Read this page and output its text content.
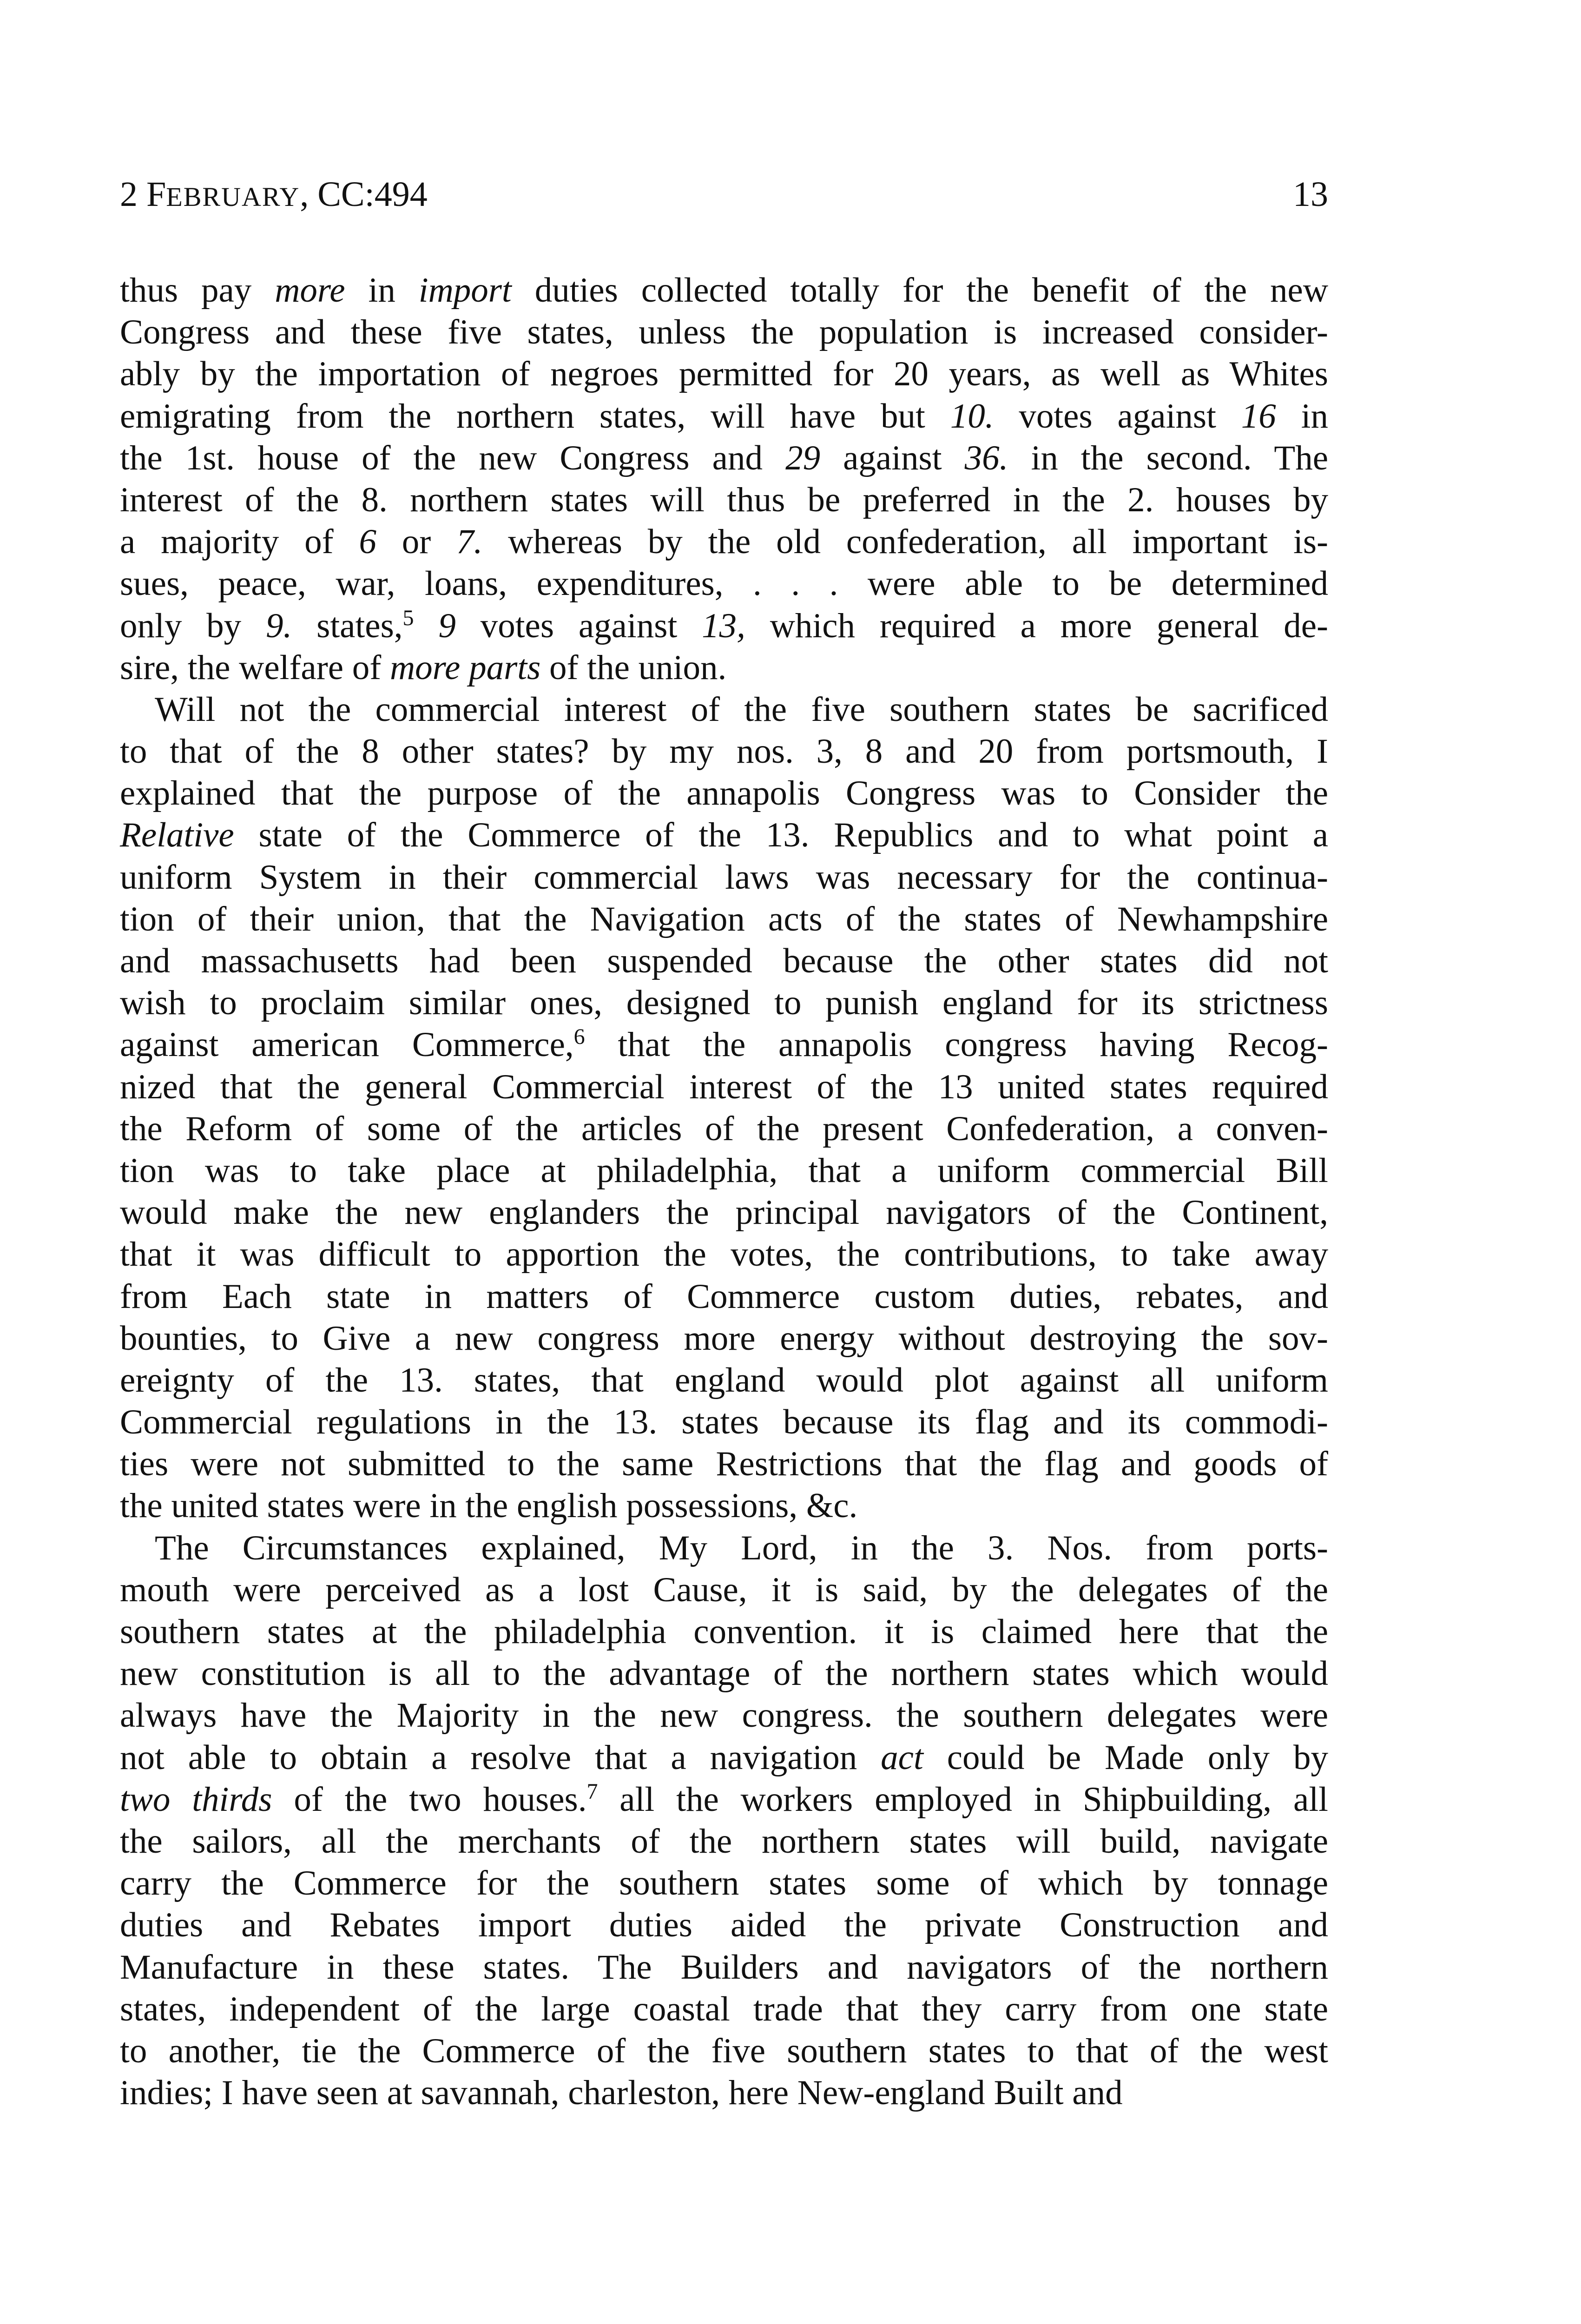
2 FEBRUARY, CC:494	13
thus pay more in import duties collected totally for the benefit of the new
Congress and these five states, unless the population is increased consider-
ably by the importation of negroes permitted for 20 years, as well as Whites
emigrating from the northern states, will have but 10. votes against 16 in
the 1st. house of the new Congress and 29 against 36. in the second. The
interest of the 8. northern states will thus be preferred in the 2. houses by
a majority of 6 or 7. whereas by the old confederation, all important is-
sues, peace, war, loans, expenditures, . . . were able to be determined
only by 9. states,$^5$ 9 votes against 13, which required a more general de-
sire, the welfare of more parts of the union.
Will not the commercial interest of the five southern states be sacrificed
to that of the 8 other states? by my nos. 3, 8 and 20 from portsmouth, I
explained that the purpose of the annapolis Congress was to Consider the
Relative state of the Commerce of the 13. Republics and to what point a
uniform System in their commercial laws was necessary for the continua-
tion of their union, that the Navigation acts of the states of Newhampshire
and massachusetts had been suspended because the other states did not
wish to proclaim similar ones, designed to punish england for its strictness
against american Commerce,$^6$ that the annapolis congress having Recog-
nized that the general Commercial interest of the 13 united states required
the Reform of some of the articles of the present Confederation, a conven-
tion was to take place at philadelphia, that a uniform commercial Bill
would make the new englanders the principal navigators of the Continent,
that it was difficult to apportion the votes, the contributions, to take away
from Each state in matters of Commerce custom duties, rebates, and
bounties, to Give a new congress more energy without destroying the sov-
ereignty of the 13. states, that england would plot against all uniform
Commercial regulations in the 13. states because its flag and its commodi-
ties were not submitted to the same Restrictions that the flag and goods of
the united states were in the english possessions, &c.
The Circumstances explained, My Lord, in the 3. Nos. from ports-
mouth were perceived as a lost Cause, it is said, by the delegates of the
southern states at the philadelphia convention. it is claimed here that the
new constitution is all to the advantage of the northern states which would
always have the Majority in the new congress. the southern delegates were
not able to obtain a resolve that a navigation act could be Made only by
two thirds of the two houses.$^7$ all the workers employed in Shipbuilding, all
the sailors, all the merchants of the northern states will build, navigate
carry the Commerce for the southern states some of which by tonnage
duties and Rebates import duties aided the private Construction and
Manufacture in these states. The Builders and navigators of the northern
states, independent of the large coastal trade that they carry from one state
to another, tie the Commerce of the five southern states to that of the west
indies; I have seen at savannah, charleston, here New-england Built and
